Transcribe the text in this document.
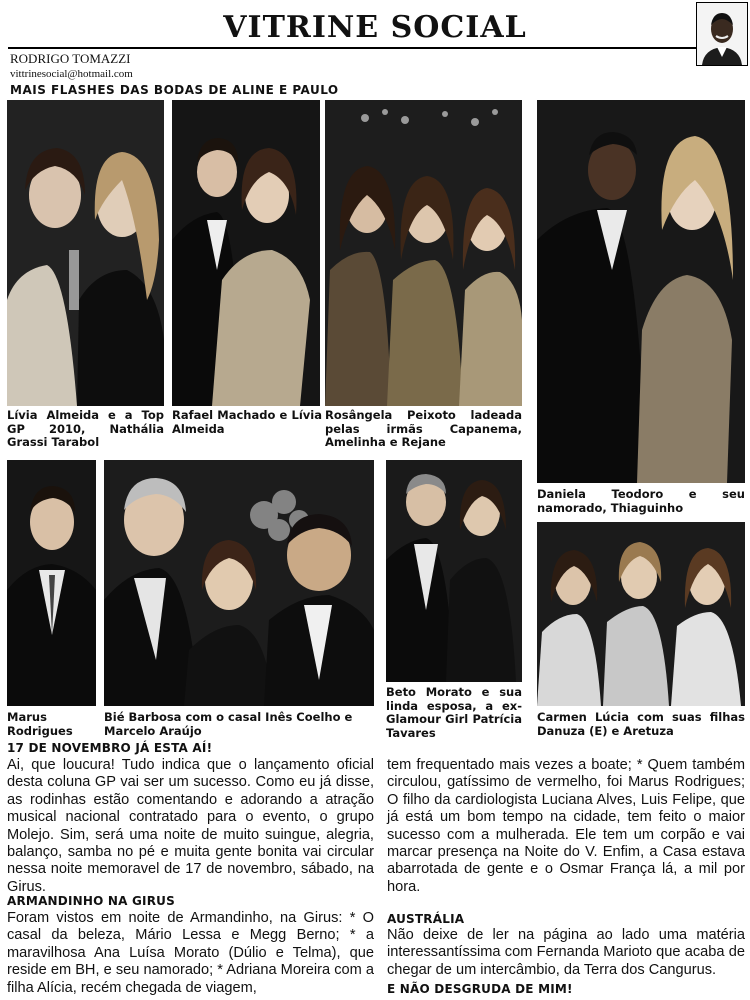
VITRINE SOCIAL
RODRIGO TOMAZZI
vittrinesocial@hotmail.com
MAIS FLASHES DAS BODAS DE ALINE E PAULO
Lívia Almeida e a Top GP 2010, Nathália Grassi Tarabol
Rafael Machado e Lívia Almeida
Rosângela Peixoto ladeada pelas irmãs Capanema, Amelinha e Rejane
Daniela Teodoro e seu namorado, Thiaguinho
Marus Rodrigues
Bié Barbosa com o casal Inês Coelho e Marcelo Araújo
Beto Morato e sua linda esposa, a ex-Glamour Girl Patrícia Tavares
Carmen Lúcia com suas filhas Danuza (E) e Aretuza
17 DE NOVEMBRO JÁ ESTA AÍ!
Ai, que loucura! Tudo indica que o lançamento oficial desta coluna GP vai ser um sucesso. Como eu já disse, as rodinhas estão comentando e adorando a atração musical nacional contratado para o evento, o grupo Molejo. Sim, será uma noite de muito suingue, alegria, balanço, samba no pé e muita gente bonita vai circular nessa noite memoravel de 17 de novembro, sábado, na Girus.
ARMANDINHO NA GIRUS
Foram vistos em noite de Armandinho, na Girus: * O casal da beleza, Mário Lessa e Megg Berno; * a maravilhosa Ana Luísa Morato (Dúlio e Telma), que reside em BH, e seu namorado; * Adriana Moreira com a filha Alícia, recém chegada de viagem,
tem frequentado mais vezes a boate; * Quem também circulou, gatíssimo de vermelho, foi Marus Rodrigues; O filho da cardiologista Luciana Alves, Luis Felipe, que já está um bom tempo na cidade, tem feito o maior sucesso com a mulherada. Ele tem um corpão e vai marcar presença na Noite do V. Enfim, a Casa estava abarrotada de gente e o Osmar França lá, a mil por hora.
AUSTRÁLIA
Não deixe de ler na página ao lado uma matéria interessantíssima com Fernanda Marioto que acaba de chegar de um intercâmbio, da Terra dos Cangurus.
E NÃO DESGRUDA DE MIM!
